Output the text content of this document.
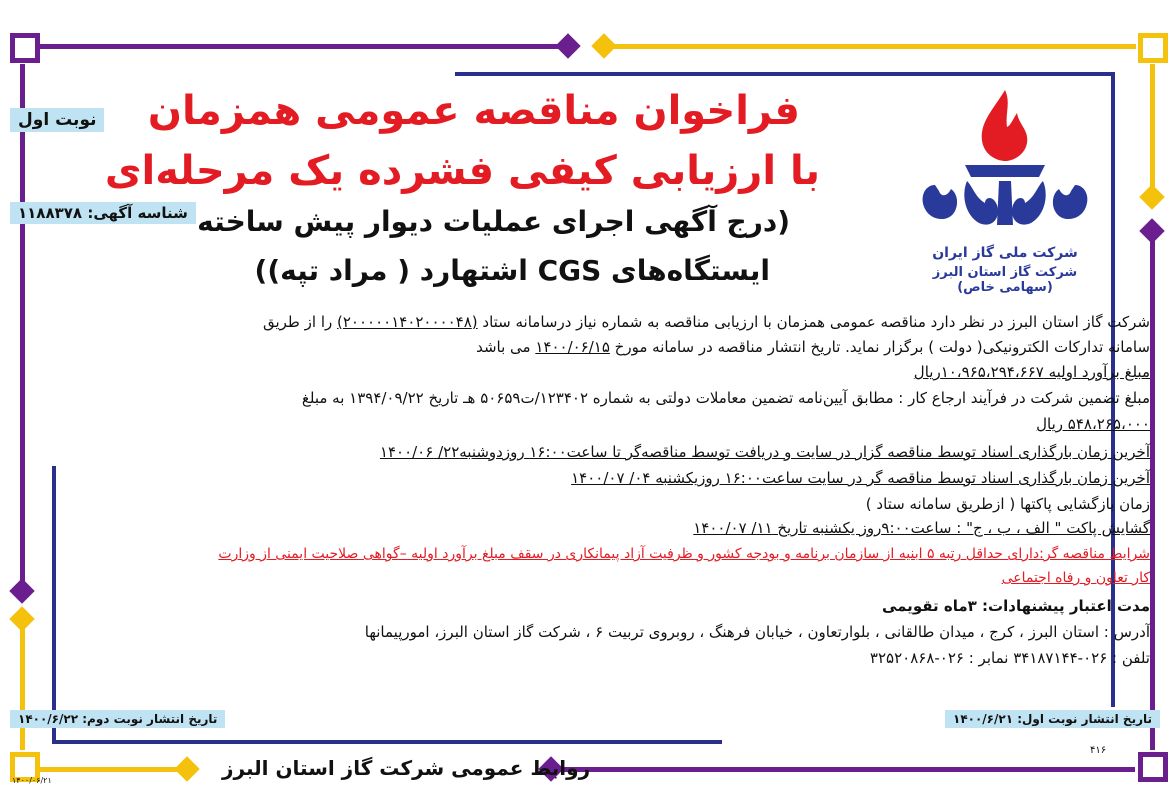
شرکت ملی گاز ایران
شرکت گاز استان البرز (سهامی خاص)
نوبت اول
شناسه آگهی: ۱۱۸۸۳۷۸
فراخوان مناقصه عمومی همزمان
با ارزیابی کیفی فشرده یک مرحله‌ای
(درج آگهی اجرای عملیات دیوار پیش ساخته
ایستگاه‌های CGS اشتهارد ( مراد تپه))
شرکت گاز استان البرز در نظر دارد مناقصه عمومی همزمان با ارزیابی مناقصه به شماره نیاز درسامانه ستاد (۲۰۰۰۰۰۱۴۰۲۰۰۰۰۴۸) را از طریق
سامانه تدارکات الکترونیکی( دولت ) برگزار نماید. تاریخ انتشار مناقصه در سامانه مورخ ۱۴۰۰/۰۶/۱۵ می باشد
مبلغ برآورد اولیه ۱۰،۹۶۵،۲۹۴،۶۶۷ریال
مبلغ تضمین شرکت در فرآیند ارجاع کار : مطابق آیین‌نامه تضمین معاملات دولتی به شماره ۱۲۳۴۰۲/ت۵۰۶۵۹ هـ تاریخ ۱۳۹۴/۰۹/۲۲ به مبلغ
۵۴۸،۲۶۵،۰۰۰ ریال
آخرین زمان بارگذاری اسناد توسط مناقصه گزار در سایت و دریافت توسط مناقصه‌گر تا ساعت۱۶:۰۰ روزدوشنبه۲۲/ ۱۴۰۰/۰۶
آخرین زمان بارگذاری اسناد توسط مناقصه گر در سایت ساعت۱۶:۰۰ روزیکشنبه ۰۴/ ۱۴۰۰/۰۷
زمان بازگشایی پاکتها ( ازطریق سامانه ستاد )
گشایش پاکت " الف ، ب ، ج" : ساعت۹:۰۰روز یکشنبه تاریخ ۱۱/ ۱۴۰۰/۰۷
شرایط مناقصه گر:دارای حداقل رتبه ۵ ابنیه از سازمان برنامه و بودجه کشور و ظرفیت آزاد پیمانکاری در سقف مبلغ برآورد اولیه –گواهی صلاحیت ایمنی از وزارت
کار تعاون و رفاه اجتماعی
مدت اعتبار پیشنهادات: ۳ماه تقویمی
آدرس : استان البرز ، کرج ، میدان طالقانی ، بلوارتعاون ، خیابان فرهنگ ، روبروی تربیت ۶ ، شرکت گاز استان البرز، امورپیمانها
تلفن : ۰۲۶-۳۴۱۸۷۱۴۴ نمابر : ۰۲۶-۳۲۵۲۰۸۶۸
تاریخ انتشار نوبت اول: ۱۴۰۰/۶/۲۱
تاریخ انتشار نوبت دوم: ۱۴۰۰/۶/۲۲
روابط عمومی شرکت گاز استان البرز
۴۱۶
۱۴۰۰/۰۶/۲۱
